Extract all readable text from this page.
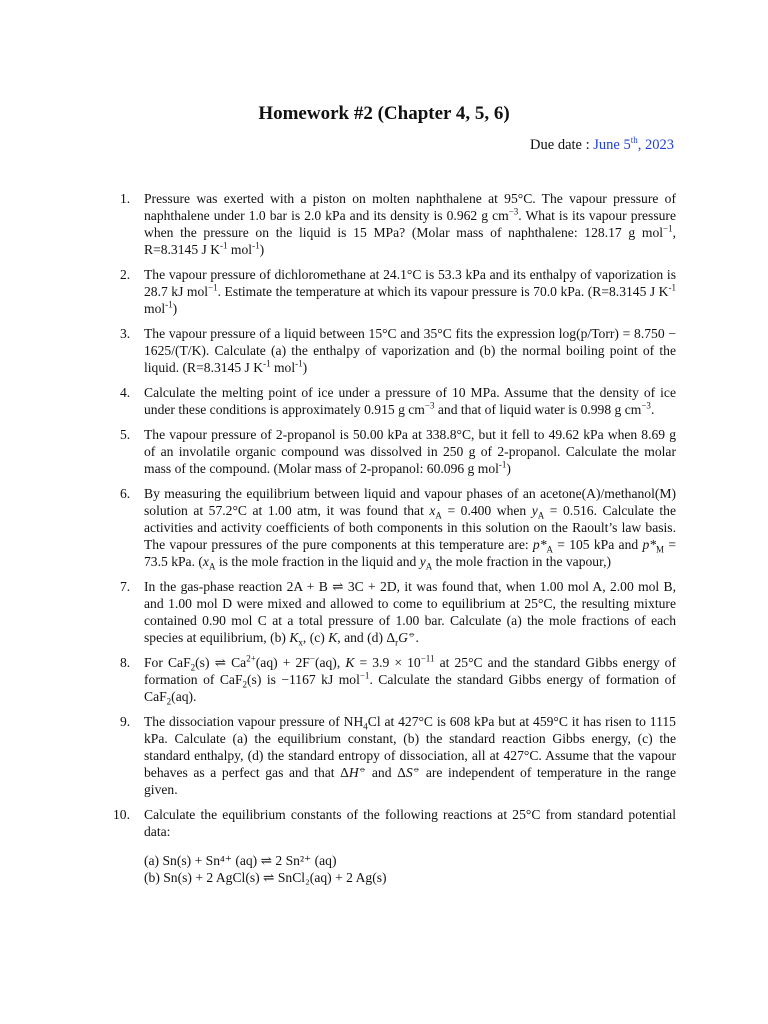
Homework #2 (Chapter 4, 5, 6)
Due date : June 5th, 2023
1. Pressure was exerted with a piston on molten naphthalene at 95°C. The vapour pressure of naphthalene under 1.0 bar is 2.0 kPa and its density is 0.962 g $cm^{-3}$. What is its vapour pressure when the pressure on the liquid is 15 MPa? (Molar mass of naphthalene: 128.17 g mol$^{-1}$, R=8.3145 J $K^{-1}$ mol$^{-1}$)
2. The vapour pressure of dichloromethane at 24.1°C is 53.3 kPa and its enthalpy of vaporization is 28.7 kJ mol$^{-1}$. Estimate the temperature at which its vapour pressure is 70.0 kPa. (R=8.3145 J $K^{-1}$ mol$^{-1}$)
3. The vapour pressure of a liquid between 15°C and 35°C fits the expression log(p/Torr) = 8.750 − 1625/(T/K). Calculate (a) the enthalpy of vaporization and (b) the normal boiling point of the liquid. (R=8.3145 J $K^{-1}$ mol$^{-1}$)
4. Calculate the melting point of ice under a pressure of 10 MPa. Assume that the density of ice under these conditions is approximately 0.915 g $cm^{-3}$ and that of liquid water is 0.998 g $cm^{-3}$.
5. The vapour pressure of 2-propanol is 50.00 kPa at 338.8°C, but it fell to 49.62 kPa when 8.69 g of an involatile organic compound was dissolved in 250 g of 2-propanol. Calculate the molar mass of the compound. (Molar mass of 2-propanol: 60.096 g mol$^{-1}$)
6. By measuring the equilibrium between liquid and vapour phases of an acetone(A)/methanol(M) solution at 57.2°C at 1.00 atm, it was found that $x_A = 0.400$ when $y_A = 0.516$. Calculate the activities and activity coefficients of both components in this solution on the Raoult’s law basis. The vapour pressures of the pure components at this temperature are: $p*_A = 105$ kPa and $p*_M = 73.5$ kPa. ($x_A$ is the mole fraction in the liquid and $y_A$ the mole fraction in the vapour,)
7. In the gas-phase reaction 2A + B ⇌ 3C + 2D, it was found that, when 1.00 mol A, 2.00 mol B, and 1.00 mol D were mixed and allowed to come to equilibrium at 25°C, the resulting mixture contained 0.90 mol C at a total pressure of 1.00 bar. Calculate (a) the mole fractions of each species at equilibrium, (b) $K_x$, (c) K, and (d) $\Delta_rG^⦵$.
8. For CaF$_2$(s) ⇌ $Ca^{2+}(aq) + 2F^-(aq)$, $K = 3.9 \times 10^{-11}$ at 25°C and the standard Gibbs energy of formation of CaF$_2$(s) is −1167 kJ mol$^{-1}$. Calculate the standard Gibbs energy of formation of CaF$_2$(aq).
9. The dissociation vapour pressure of $NH_4Cl$ at 427°C is 608 kPa but at 459°C it has risen to 1115 kPa. Calculate (a) the equilibrium constant, (b) the standard reaction Gibbs energy, (c) the standard enthalpy, (d) the standard entropy of dissociation, all at 427°C. Assume that the vapour behaves as a perfect gas and that ΔH⦵ and ΔS⦵ are independent of temperature in the range given.
10. Calculate the equilibrium constants of the following reactions at 25°C from standard potential data:
(a) Sn(s) + Sn⁴⁺ (aq) ⇌ 2 Sn²⁺ (aq)
(b) Sn(s) + 2 AgCl(s) ⇌ SnCl₂(aq) + 2 Ag(s)
